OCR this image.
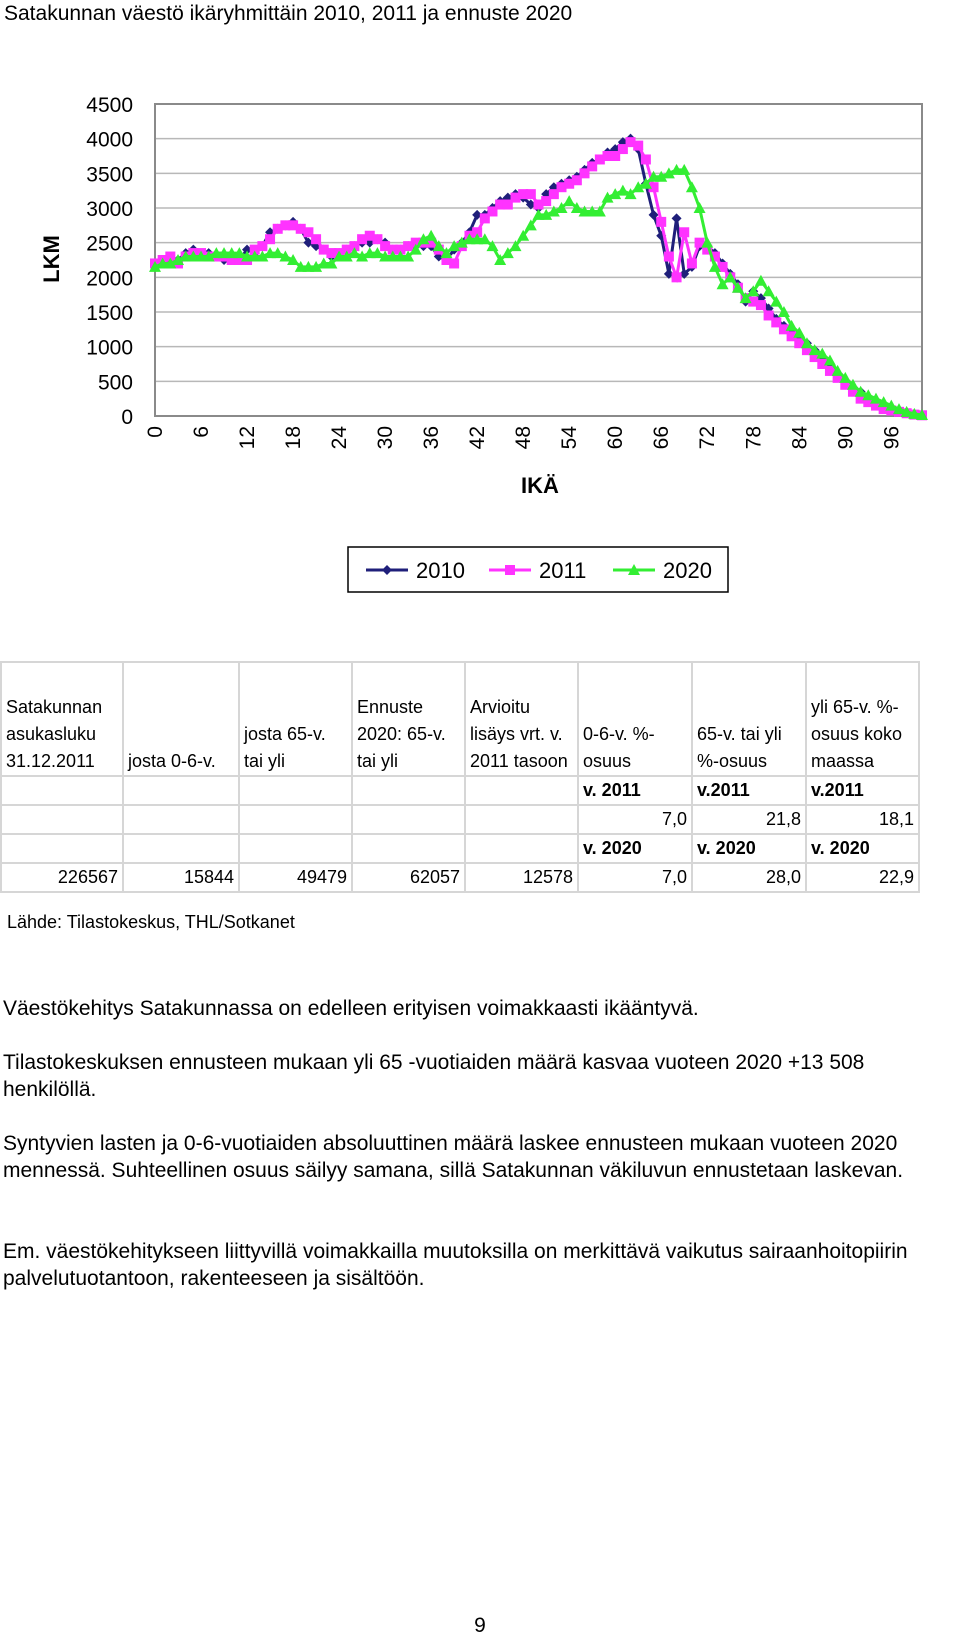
Satakunnan väestö ikäryhmittäin 2010, 2011 ja ennuste 2020
0
500
1000
1500
2000
2500
3000
3500
4000
4500
0 6 12 18 24 30 36 42 48 54 60 66 72 78 84 90 96
LKM
IKÄ
2010	2011	2020
Satakunnan asukasluku 31.12.2011	josta 0-6-v.	josta 65-v. tai yli	Ennuste 2020: 65-v. tai yli	Arvioitu lisäys vrt. v. 2011 tasoon	0-6-v. %-osuus	65-v. tai yli %-osuus	yli 65-v. %-osuus koko maassa
					v. 2011	v.2011	v.2011
					7,0	21,8	18,1
					v. 2020	v. 2020	v. 2020
226567	15844	49479	62057	12578	7,0	28,0	22,9
Lähde: Tilastokeskus, THL/Sotkanet

Väestökehitys Satakunnassa on edelleen erityisen voimakkaasti ikääntyvä.

Tilastokeskuksen ennusteen mukaan yli 65 -vuotiaiden määrä kasvaa vuoteen 2020 +13 508 henkilöllä.

Syntyvien lasten ja 0-6-vuotiaiden absoluuttinen määrä laskee ennusteen mukaan vuoteen 2020 mennessä. Suhteellinen osuus säilyy samana, sillä Satakunnan väkiluvun ennustetaan laskevan.

Em. väestökehitykseen liittyvillä voimakkailla muutoksilla on merkittävä vaikutus sairaanhoitopiirin palvelutuotantoon, rakenteeseen ja sisältöön.

9
